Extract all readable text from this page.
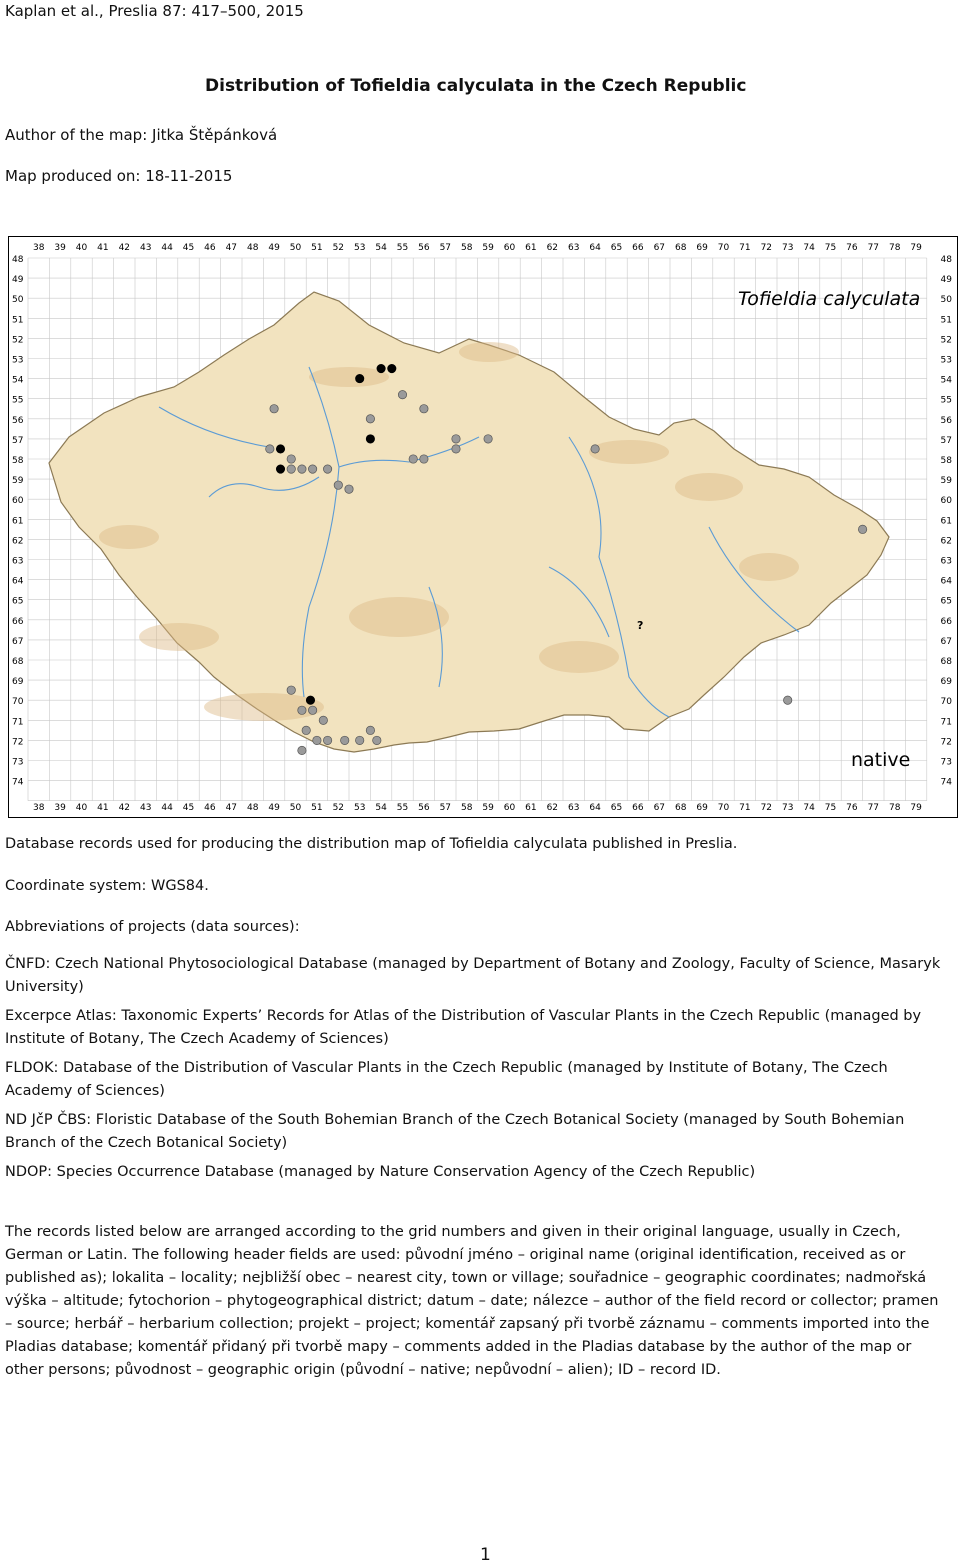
Kaplan et al., Preslia 87: 417–500, 2015
Distribution of Tofieldia calyculata in the Czech Republic
Author of the map: Jitka Štěpánková
Map produced on: 18-11-2015
38
38
39
39
40
40
41
41
42
42
43
43
44
44
45
45
46
46
47
47
48
48
49
49
50
50
51
51
52
52
53
53
54
54
55
55
56
56
57
57
58
58
59
59
60
60
61
61
62
62
63
63
64
64
65
65
66
66
67
67
68
68
69
69
70
70
71
71
72
72
73
73
74
74
75
75
76
76
77
77
78
78
79
79
48	48
49	49
50	50
51	51
52	52
53	53
54	54
55	55
56	56
57	57
58	58
59	59
60	60
61	61
62	62
63	63
64	64
65	65
66	66
67	67
68	68
69	69
70	70
71	71
72	72
73	73
74	74
?
Tofieldia calyculata
native
Database records used for producing the distribution map of Tofieldia calyculata published in Preslia.
Coordinate system: WGS84.
Abbreviations of projects (data sources):
ČNFD: Czech National Phytosociological Database (managed by Department of Botany and Zoology, Faculty of Science, Masaryk University)
Excerpce Atlas: Taxonomic Experts’ Records for Atlas of the Distribution of Vascular Plants in the Czech Republic (managed by Institute of Botany, The Czech Academy of Sciences)
FLDOK: Database of the Distribution of Vascular Plants in the Czech Republic (managed by Institute of Botany, The Czech Academy of Sciences)
ND JčP ČBS: Floristic Database of the South Bohemian Branch of the Czech Botanical Society (managed by South Bohemian Branch of the Czech Botanical Society)
NDOP: Species Occurrence Database (managed by Nature Conservation Agency of the Czech Republic)
The records listed below are arranged according to the grid numbers and given in their original language, usually in Czech, German or Latin. The following header fields are used: původní jméno – original name (original identification, received as or published as); lokalita – locality; nejbližší obec – nearest city, town or village; souřadnice – geographic coordinates; nadmořská výška – altitude; fytochorion – phytogeographical district; datum – date; nálezce – author of the field record or collector; pramen – source; herbář – herbarium collection; projekt – project; komentář zapsaný při tvorbě záznamu – comments imported into the Pladias database; komentář přidaný při tvorbě mapy – comments added in the Pladias database by the author of the map or other persons; původnost – geographic origin (původní – native; nepůvodní – alien); ID – record ID.
1
